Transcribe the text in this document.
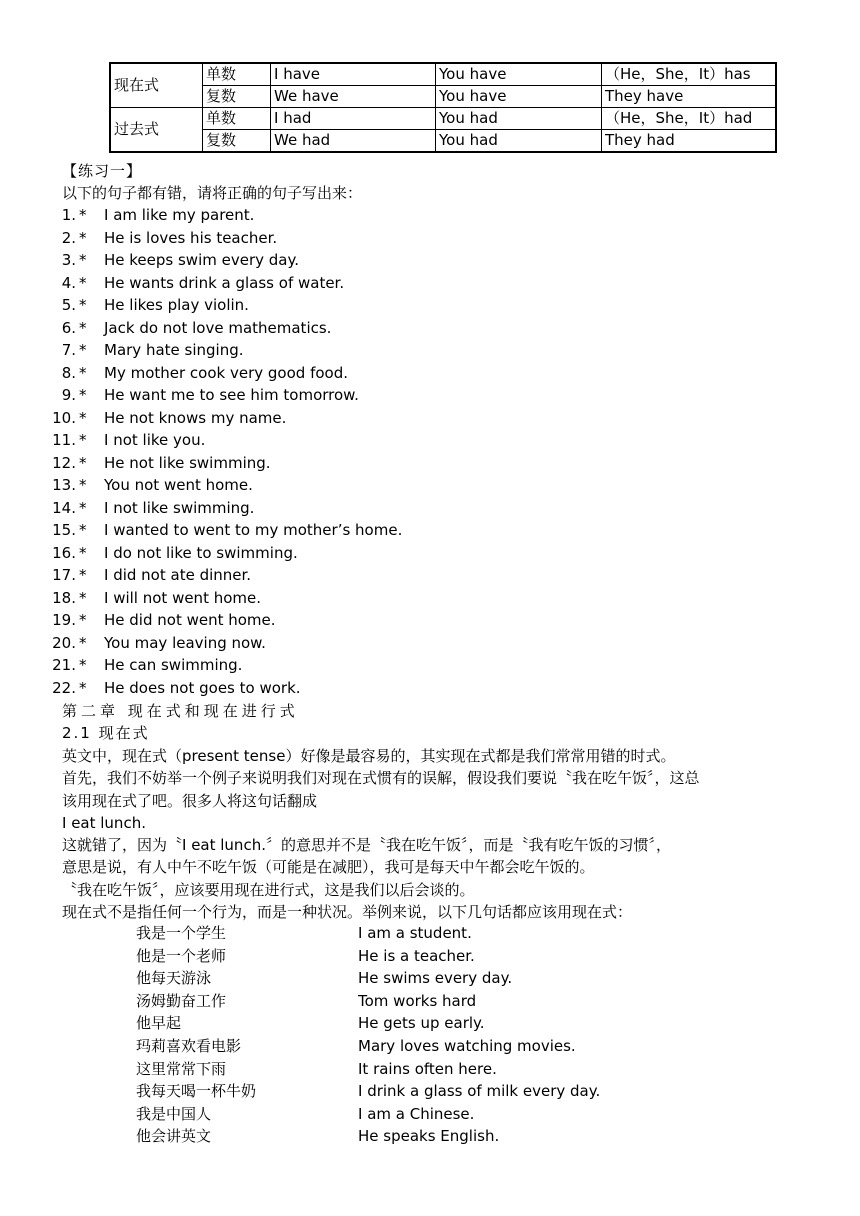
现在式	单数	I have	You have	（He，She，It）has
	复数	We have	You have	They have
过去式	单数	I had	You had	（He，She，It）had
	复数	We had	You had	They had
【练习一】
以下的句子都有错，请将正确的句子写出来：
1. * I am like my parent.
2. * He is loves his teacher.
3. * He keeps swim every day.
4. * He wants drink a glass of water.
5. * He likes play violin.
6. * Jack do not love mathematics.
7. * Mary hate singing.
8. * My mother cook very good food.
9. * He want me to see him tomorrow.
10. * He not knows my name.
11. * I not like you.
12. * He not like swimming.
13. * You not went home.
14. * I not like swimming.
15. * I wanted to went to my mother’s home.
16. * I do not like to swimming.
17. * I did not ate dinner.
18. * I will not went home.
19. * He did not went home.
20. * You may leaving now.
21. * He can swimming.
22. * He does not goes to work.
第二章 现在式和现在进行式
2.1 现在式
英文中，现在式（present tense）好像是最容易的，其实现在式都是我们常常用错的时式。
首先，我们不妨举一个例子来说明我们对现在式惯有的误解，假设我们要说〝我在吃午饭〞，这总
该用现在式了吧。很多人将这句话翻成
I eat lunch.
这就错了，因为〝I eat lunch.〞的意思并不是〝我在吃午饭〞，而是〝我有吃午饭的习惯〞，
意思是说，有人中午不吃午饭（可能是在减肥），我可是每天中午都会吃午饭的。
〝我在吃午饭〞，应该要用现在进行式，这是我们以后会谈的。
现在式不是指任何一个行为，而是一种状况。举例来说，以下几句话都应该用现在式：
我是一个学生	I am a student.
他是一个老师	He is a teacher.
他每天游泳	He swims every day.
汤姆勤奋工作	Tom works hard
他早起	He gets up early.
玛莉喜欢看电影	Mary loves watching movies.
这里常常下雨	It rains often here.
我每天喝一杯牛奶	I drink a glass of milk every day.
我是中国人	I am a Chinese.
他会讲英文	He speaks English.
